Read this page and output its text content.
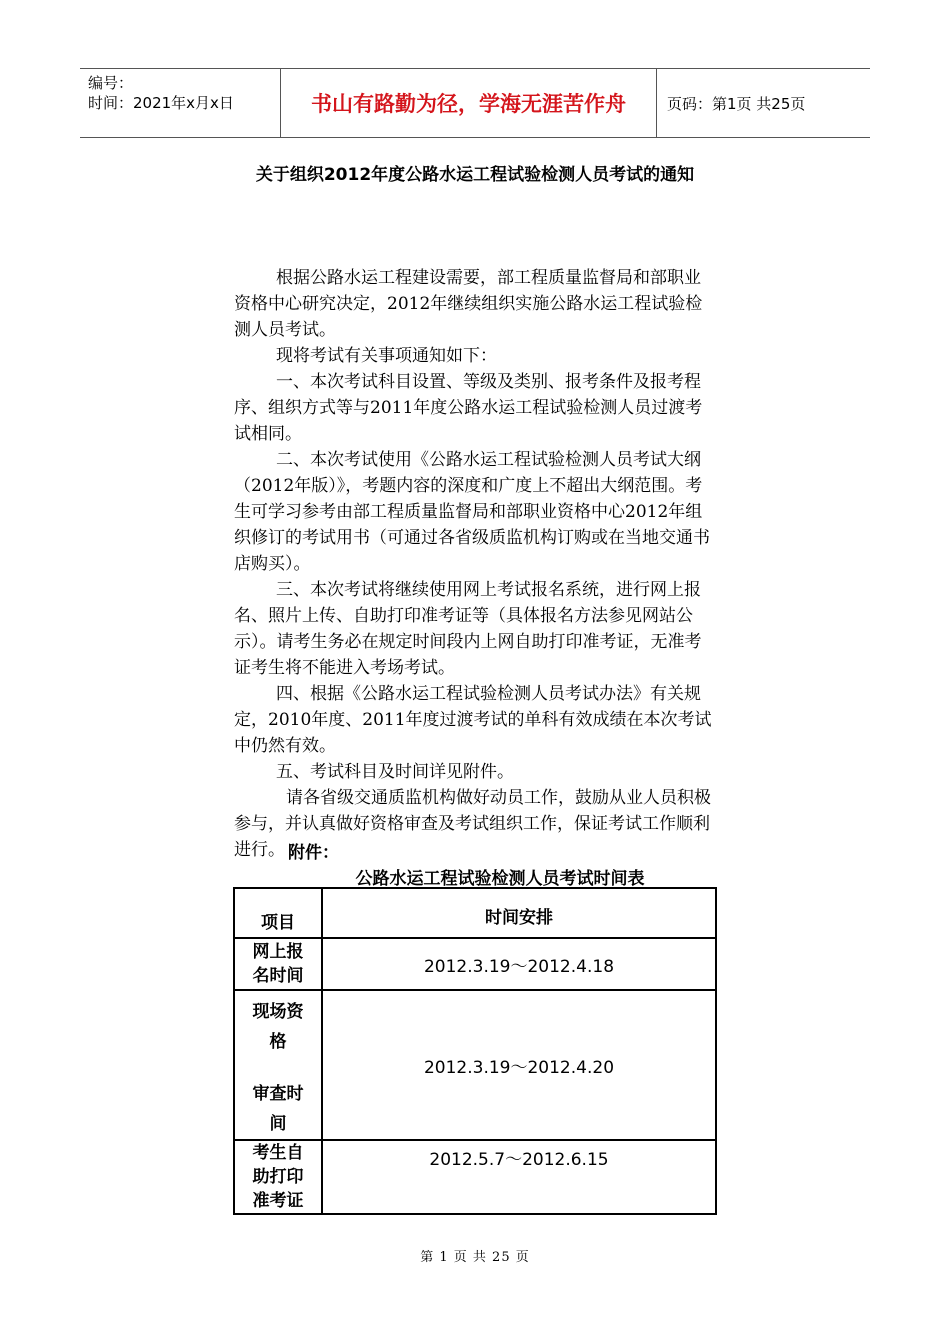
编号：
时间：2021年x月x日	书山有路勤为径，学海无涯苦作舟	页码：第1页 共25页
关于组织2012年度公路水运工程试验检测人员考试的通知

根据公路水运工程建设需要，部工程质量监督局和部职业资格中心研究决定，2012年继续组织实施公路水运工程试验检测人员考试。

现将考试有关事项通知如下：

一、本次考试科目设置、等级及类别、报考条件及报考程序、组织方式等与2011年度公路水运工程试验检测人员过渡考试相同。

二、本次考试使用《公路水运工程试验检测人员考试大纲（2012年版）》，考题内容的深度和广度上不超出大纲范围。考生可学习参考由部工程质量监督局和部职业资格中心2012年组织修订的考试用书（可通过各省级质监机构订购或在当地交通书店购买）。

三、本次考试将继续使用网上考试报名系统，进行网上报名、照片上传、自助打印准考证等（具体报名方法参见网站公示）。请考生务必在规定时间段内上网自助打印准考证，无准考证考生将不能进入考场考试。

四、根据《公路水运工程试验检测人员考试办法》有关规定，2010年度、2011年度过渡考试的单科有效成绩在本次考试中仍然有效。

五、考试科目及时间详见附件。

请各省级交通质监机构做好动员工作，鼓励从业人员积极参与，并认真做好资格审查及考试组织工作，保证考试工作顺利进行。 附件：
公路水运工程试验检测人员考试时间表
项目	时间安排

网上报
名时间	2012.3.19～2012.4.18

现场资
格
审查时
间	2012.3.19～2012.4.20

考生自
助打印
准考证	2012.5.7～2012.6.15
第 1 页 共 25 页
